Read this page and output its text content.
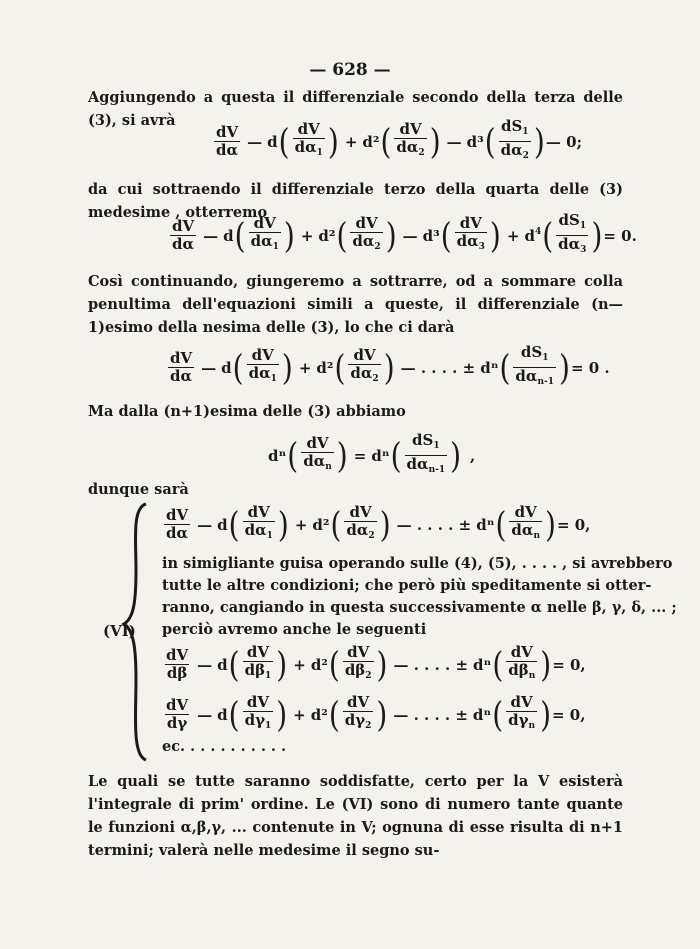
— 628 —
Aggiungendo a questa il differenziale secondo della terza delle (3), si avrà
$\frac{dV}{d\alpha}$ — d ( $\frac{dV}{d\alpha_1}$ ) + d² ( $\frac{dV}{d\alpha_2}$ ) — d³ ( $\frac{dS_1}{d\alpha_2}$ ) — 0;
da cui sottraendo il differenziale terzo della quarta delle (3) medesime , otterremo
$\frac{dV}{d\alpha}$ — d ( $\frac{dV}{d\alpha_1}$ ) + d² ( $\frac{dV}{d\alpha_2}$ ) — d³ ( $\frac{dV}{d\alpha_3}$ ) + $d^4$ ( $\frac{dS_1}{d\alpha_3}$ ) = 0.
Così continuando, giungeremo a sottrarre, od a sommare colla penultima dell'equazioni simili a queste, il differenziale (n—1)esimo della nesima delle (3), lo che ci darà
$\frac{dV}{d\alpha}$ — d ( $\frac{dV}{d\alpha_1}$ ) + d² ( $\frac{dV}{d\alpha_2}$ ) — . . . . ± dⁿ ( $\frac{dS_1}{d\alpha_{n-1}}$ ) = 0 .
Ma dalla (n+1)esima delle (3) abbiamo
dⁿ ( $\frac{dV}{d\alpha_n}$ ) = dⁿ ( $\frac{dS_1}{d\alpha_{n-1}}$ ) ,
dunque sarà
(VI)
$\frac{dV}{d\alpha}$ — d ( $\frac{dV}{d\alpha_1}$ ) + d² ( $\frac{dV}{d\alpha_2}$ ) — . . . . ± dⁿ ( $\frac{dV}{d\alpha_n}$ ) = 0,
in simigliante guisa operando sulle (4), (5), . . . . , si avrebbero
tutte le altre condizioni; che però più speditamente si otter-
ranno, cangiando in questa successivamente α nelle β, γ, δ, ... ;
perciò avremo anche le seguenti
$\frac{dV}{d\beta}$ — d ( $\frac{dV}{d\beta_1}$ ) + d² ( $\frac{dV}{d\beta_2}$ ) — . . . . ± dⁿ ( $\frac{dV}{d\beta_n}$ ) = 0,
$\frac{dV}{d\gamma}$ — d ( $\frac{dV}{d\gamma_1}$ ) + d² ( $\frac{dV}{d\gamma_2}$ ) — . . . . ± dⁿ ( $\frac{dV}{d\gamma_n}$ ) = 0,
ec. . . . . . . . . . .
Le quali se tutte saranno soddisfatte, certo per la V esisterà l'integrale di prim' ordine. Le (VI) sono di numero tante quante le funzioni α,β,γ, ... contenute in V; ognuna di esse risulta di n+1 termini; valerà nelle medesime il segno su-
